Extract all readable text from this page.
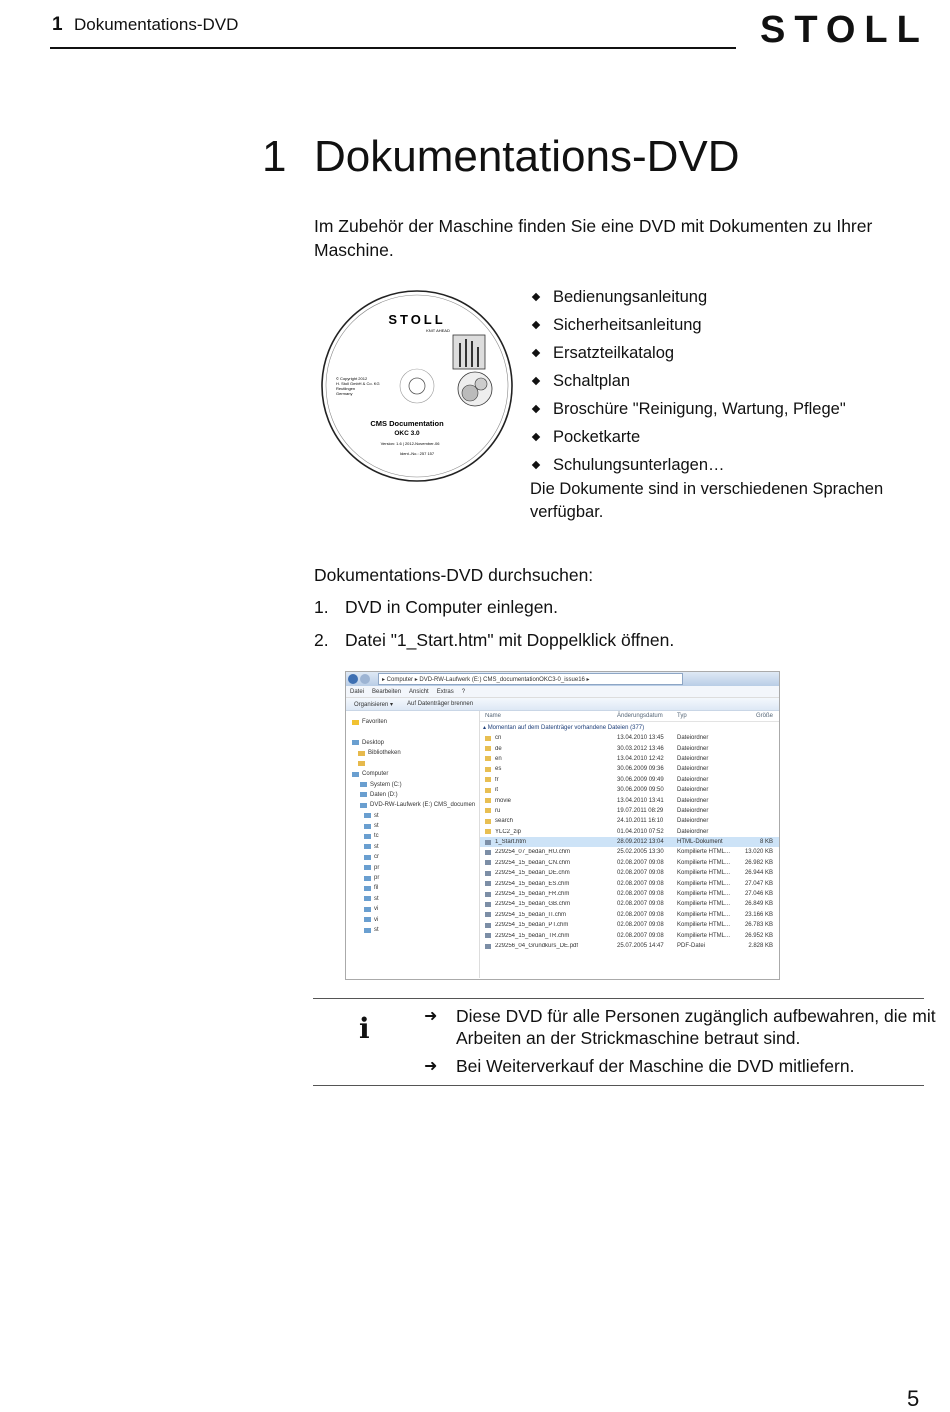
1 Dokumentations-DVD	STOLL
1 Dokumentations-DVD
Im Zubehör der Maschine finden Sie eine DVD mit Dokumenten zu Ihrer Maschine.
STOLL
KNIT AHEAD
© Copyright 2012
H. Stoll GmbH & Co. KG
Reutlingen
Germany
CMS Documentation
OKC 3.0
Version: 1.6 | 2012-November-06
Ident.-No.: 257 157
Bedienungsanleitung
Sicherheitsanleitung
Ersatzteilkatalog
Schaltplan
Broschüre "Reinigung, Wartung, Pflege"
Pocketkarte
Schulungsunterlagen…
Die Dokumente sind in verschiedenen Sprachen verfügbar.
Dokumentations-DVD durchsuchen:
1. DVD in Computer einlegen.
2. Datei "1_Start.htm" mit Doppelklick öffnen.
▸ Computer ▸ DVD-RW-Laufwerk (E:) CMS_documentationOKC3-0_issue16 ▸
Datei Bearbeiten Ansicht Extras ?
Organisieren ▾ Auf Datenträger brennen
Favoriten
Desktop
Bibliotheken
Computer
System (C:)
Daten (D:)
DVD-RW-Laufwerk (E:) CMS_documen
st
st
tc
st
cr
pr
pr
fil
st
vi
vi
st
Name	Änderungsdatum	Typ	Größe
▴ Momentan auf dem Datenträger vorhandene Dateien (377)
cn	13.04.2010 13:45	Dateiordner
de	30.03.2012 13:46	Dateiordner
en	13.04.2010 12:42	Dateiordner
es	30.06.2009 09:36	Dateiordner
fr	30.06.2009 09:49	Dateiordner
it	30.06.2009 09:50	Dateiordner
movie	13.04.2010 13:41	Dateiordner
ru	19.07.2011 08:29	Dateiordner
search	24.10.2011 16:10	Dateiordner
YLC2_zip	01.04.2010 07:52	Dateiordner
1_Start.htm	28.09.2012 13:04	HTML-Dokument	8 KB
229254_07_bedan_RU.chm	25.02.2005 13:30	Kompilierte HTML...	13.020 KB
229254_15_bedan_CN.chm	02.08.2007 09:08	Kompilierte HTML...	26.982 KB
229254_15_bedan_DE.chm	02.08.2007 09:08	Kompilierte HTML...	26.944 KB
229254_15_bedan_ES.chm	02.08.2007 09:08	Kompilierte HTML...	27.047 KB
229254_15_bedan_FR.chm	02.08.2007 09:08	Kompilierte HTML...	27.046 KB
229254_15_bedan_GB.chm	02.08.2007 09:08	Kompilierte HTML...	26.849 KB
229254_15_bedan_IT.chm	02.08.2007 09:08	Kompilierte HTML...	23.166 KB
229254_15_bedan_PT.chm	02.08.2007 09:08	Kompilierte HTML...	26.783 KB
229254_15_bedan_TR.chm	02.08.2007 09:08	Kompilierte HTML...	26.952 KB
229256_04_Grundkurs_DE.pdf	25.07.2005 14:47	PDF-Datei	2.828 KB
i	➜	Diese DVD für alle Personen zugänglich aufbewahren, die mit Arbeiten an der Strickmaschine betraut sind.
➜	Bei Weiterverkauf der Maschine die DVD mitliefern.
5
